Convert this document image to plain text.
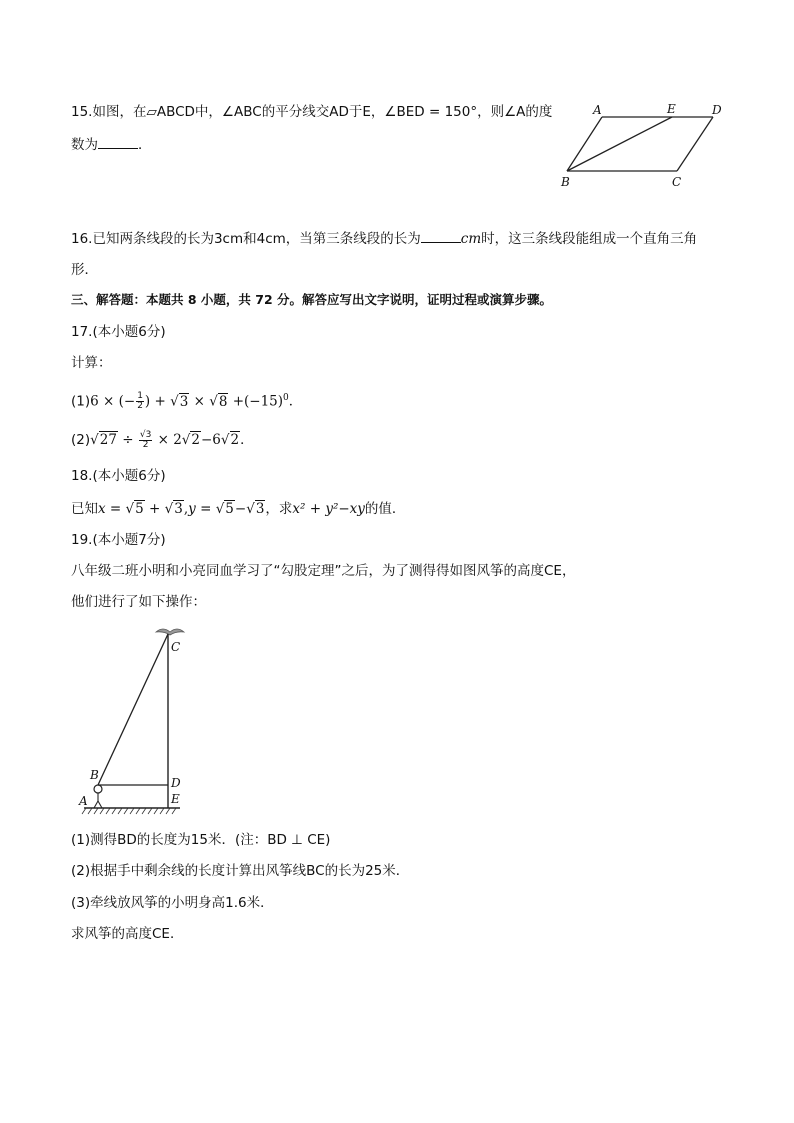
15.如图，在▱ABCD中，∠ABC的平分线交AD于E，∠BED = 150°，则∠A的度
数为	．
A	E	D
B	C
16.已知两条线段的长为3cm和4cm，当第三条线段的长为	cm时，这三条线段能组成一个直角三角
形．
三、解答题：本题共 8 小题，共 72 分。解答应写出文字说明，证明过程或演算步骤。
17.(本小题6分)
计算：
(1)6 × (− $\frac{1}{2}$ ) + $√3 \times √8 +(-15)^0$．
$(2)√27 \div \frac{√3}{2} \times 2√2-6√2$．
18.(本小题6分)
已知x = √5 + √3,y = √5−√3，求x² + y²−xy的值．
19.(本小题7分)
八年级二班小明和小亮同血学习了“勾股定理”之后，为了测得得如图风筝的高度CE，
他们进行了如下操作：
C
B
D
A	E
(1)测得BD的长度为15米．(注：BD ⊥ CE)
(2)根据手中剩余线的长度计算出风筝线BC的长为25米．
(3)牵线放风筝的小明身高1.6米．
求风筝的高度CE．
